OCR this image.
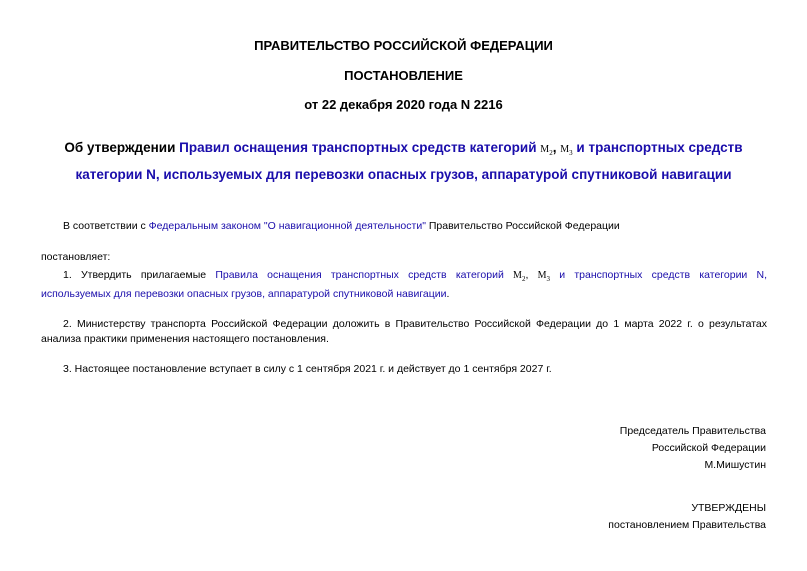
ПРАВИТЕЛЬСТВО РОССИЙСКОЙ ФЕДЕРАЦИИ
ПОСТАНОВЛЕНИЕ
от 22 декабря 2020 года N 2216
Об утверждении Правил оснащения транспортных средств категорий $М_2$, $М_3$ и транспортных средств
категории N, используемых для перевозки опасных грузов, аппаратурой спутниковой навигации
В соответствии с Федеральным законом "О навигационной деятельности" Правительство Российской Федерации
постановляет:
1. Утвердить прилагаемые Правила оснащения транспортных средств категорий $М_2$, $М_3$ и транспортных средств категории N,
используемых для перевозки опасных грузов, аппаратурой спутниковой навигации.
2. Министерству транспорта Российской Федерации доложить в Правительство Российской Федерации до 1 марта 2022 г. о результатах
анализа практики применения настоящего постановления.
3. Настоящее постановление вступает в силу с 1 сентября 2021 г. и действует до 1 сентября 2027 г.
Председатель Правительства
Российской Федерации
М.Мишустин
УТВЕРЖДЕНЫ
постановлением Правительства
